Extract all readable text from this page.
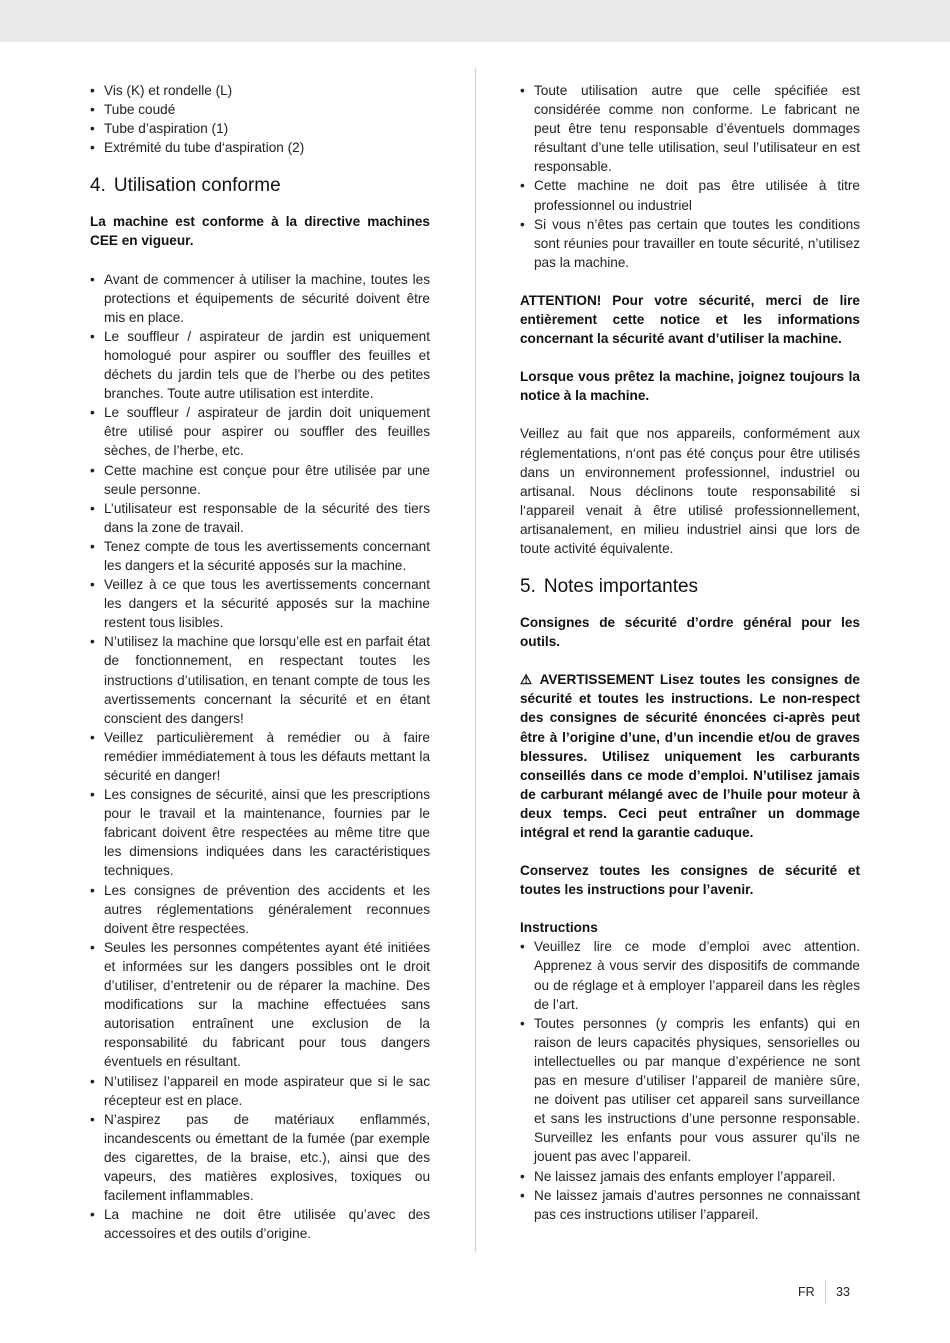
• Vis (K) et rondelle (L)
• Tube coudé
• Tube d’aspiration (1)
• Extrémité du tube d‘aspiration (2)
4. Utilisation conforme

La machine est conforme à la directive machines CEE en vigueur.

• Avant de commencer à utiliser la machine, toutes les protections et équipements de sécurité doivent être mis en place.
• Le souffleur / aspirateur de jardin est uniquement homologué pour aspirer ou souffler des feuilles et déchets du jardin tels que de l’herbe ou des petites branches. Toute autre utilisation est interdite.
• Le souffleur / aspirateur de jardin doit uniquement être utilisé pour aspirer ou souffler des feuilles sèches, de l’herbe, etc.
• Cette machine est conçue pour être utilisée par une seule personne.
• L’utilisateur est responsable de la sécurité des tiers dans la zone de travail.
• Tenez compte de tous les avertissements concernant les dangers et la sécurité apposés sur la machine.
• Veillez à ce que tous les avertissements concernant les dangers et la sécurité apposés sur la machine restent tous lisibles.
• N’utilisez la machine que lorsqu’elle est en parfait état de fonctionnement, en respectant toutes les instructions d’utilisation, en tenant compte de tous les avertissements concernant la sécurité et en étant conscient des dangers!
• Veillez particulièrement à remédier ou à faire remédier immédiatement à tous les défauts mettant la sécurité en danger!
• Les consignes de sécurité, ainsi que les prescriptions pour le travail et la maintenance, fournies par le fabricant doivent être respectées au même titre que les dimensions indiquées dans les caractéristiques techniques.
• Les consignes de prévention des accidents et les autres réglementations généralement reconnues doivent être respectées.
• Seules les personnes compétentes ayant été initiées et informées sur les dangers possibles ont le droit d’utiliser, d’entretenir ou de réparer la machine. Des modifications sur la machine effectuées sans autorisation entraînent une exclusion de la responsabilité du fabricant pour tous dangers éventuels en résultant.
• N’utilisez l’appareil en mode aspirateur que si le sac récepteur est en place.
• N’aspirez pas de matériaux enflammés, incandescents ou émettant de la fumée (par exemple des cigarettes, de la braise, etc.), ainsi que des vapeurs, des matières explosives, toxiques ou facilement inflammables.
• La machine ne doit être utilisée qu’avec des accessoires et des outils d’origine.
• Toute utilisation autre que celle spécifiée est considérée comme non conforme. Le fabricant ne peut être tenu responsable d’éventuels dommages résultant d’une telle utilisation, seul l’utilisateur en est responsable.
• Cette machine ne doit pas être utilisée à titre professionnel ou industriel
• Si vous n’êtes pas certain que toutes les conditions sont réunies pour travailler en toute sécurité, n’utilisez pas la machine.

ATTENTION! Pour votre sécurité, merci de lire entièrement cette notice et les informations concernant la sécurité avant d’utiliser la machine.

Lorsque vous prêtez la machine, joignez toujours la notice à la machine.

Veillez au fait que nos appareils, conformément aux réglementations, n‘ont pas été conçus pour être utilisés dans un environnement professionnel, industriel ou artisanal. Nous déclinons toute responsabilité si l‘appareil venait à être utilisé professionnellement, artisanalement, en milieu industriel ainsi que lors de toute activité équivalente.

5. Notes importantes

Consignes de sécurité d’ordre général pour les outils.

⚠ AVERTISSEMENT Lisez toutes les consignes de sécurité et toutes les instructions. Le non-respect des consignes de sécurité énoncées ci-après peut être à l’origine d’une, d’un incendie et/ou de graves blessures. Utilisez uniquement les carburants conseillés dans ce mode d’emploi. N’utilisez jamais de carburant mélangé avec de l’huile pour moteur à deux temps. Ceci peut entraîner un dommage intégral et rend la garantie caduque.

Conservez toutes les consignes de sécurité et toutes les instructions pour l’avenir.

Instructions

• Veuillez lire ce mode d’emploi avec attention. Apprenez à vous servir des dispositifs de commande ou de réglage et à employer l’appareil dans les règles de l’art.
• Toutes personnes (y compris les enfants) qui en raison de leurs capacités physiques, sensorielles ou intellectuelles ou par manque d’expérience ne sont pas en mesure d’utiliser l’appareil de manière sûre, ne doivent pas utiliser cet appareil sans surveillance et sans les instructions d’une personne responsable. Surveillez les enfants pour vous assurer qu’ils ne jouent pas avec l’appareil.
• Ne laissez jamais des enfants employer l’appareil.
• Ne laissez jamais d’autres personnes ne connaissant pas ces instructions utiliser l’appareil.
FR 33
